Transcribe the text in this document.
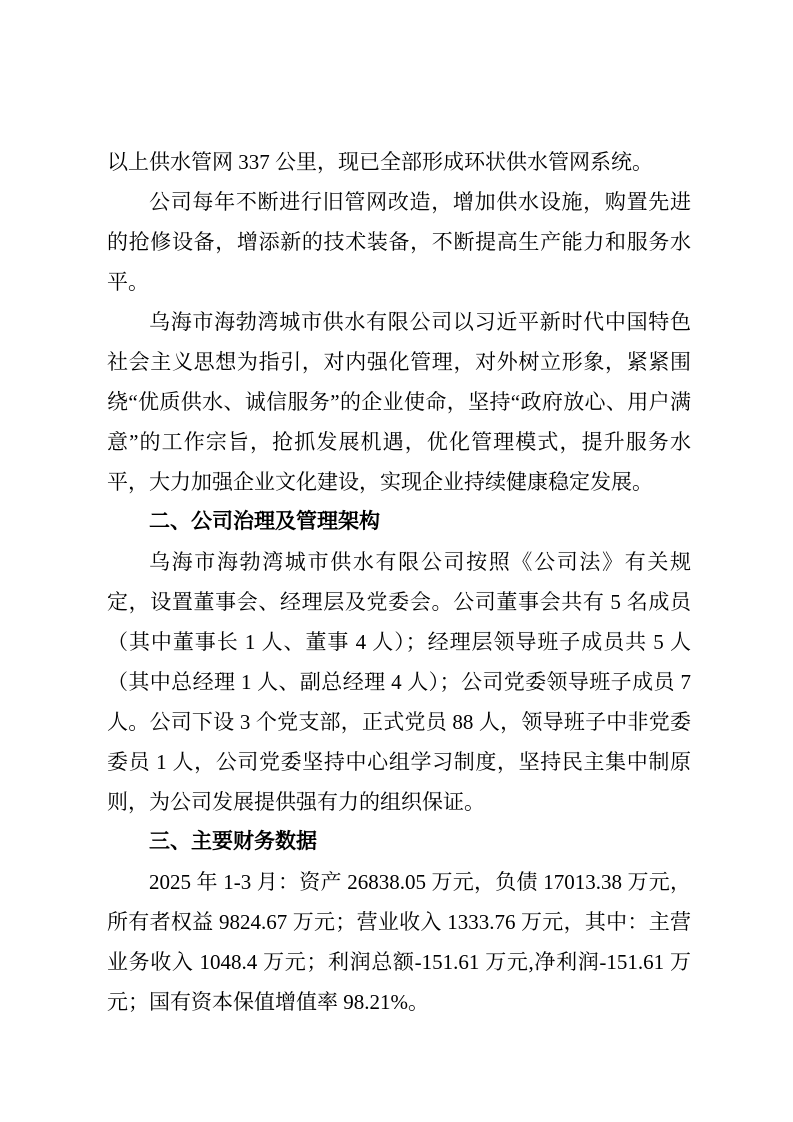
以上供水管网 337 公里，现已全部形成环状供水管网系统。

公司每年不断进行旧管网改造，增加供水设施，购置先进的抢修设备，增添新的技术装备，不断提高生产能力和服务水平。

乌海市海勃湾城市供水有限公司以习近平新时代中国特色社会主义思想为指引，对内强化管理，对外树立形象，紧紧围绕“优质供水、诚信服务”的企业使命，坚持“政府放心、用户满意”的工作宗旨，抢抓发展机遇，优化管理模式，提升服务水平，大力加强企业文化建设，实现企业持续健康稳定发展。

二、公司治理及管理架构

乌海市海勃湾城市供水有限公司按照《公司法》有关规定，设置董事会、经理层及党委会。公司董事会共有 5 名成员（其中董事长 1 人、董事 4 人）；经理层领导班子成员共 5 人（其中总经理 1 人、副总经理 4 人）；公司党委领导班子成员 7 人。公司下设 3 个党支部，正式党员 88 人，领导班子中非党委委员 1 人，公司党委坚持中心组学习制度，坚持民主集中制原则，为公司发展提供强有力的组织保证。

三、主要财务数据

2025 年 1-3 月：资产 26838.05 万元，负债 17013.38 万元，所有者权益 9824.67 万元；营业收入 1333.76 万元，其中：主营业务收入 1048.4 万元；利润总额-151.61 万元,净利润-151.61 万元；国有资本保值增值率 98.21%。
